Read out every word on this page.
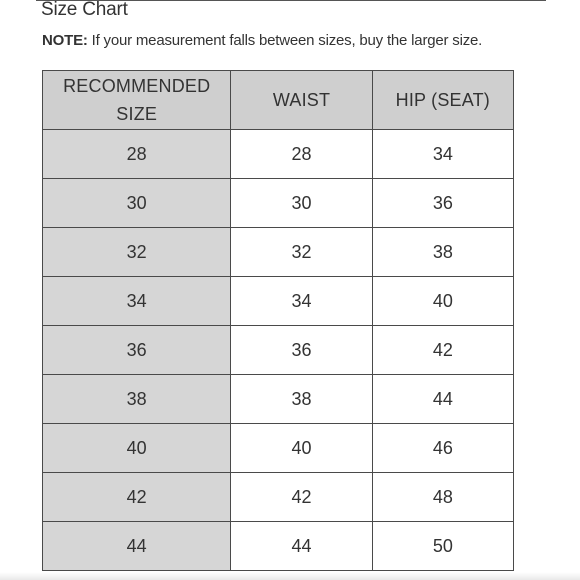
Size Chart
NOTE: If your measurement falls between sizes, buy the larger size.
RECOMMENDED SIZE	WAIST	HIP (SEAT)
28	28	34
30	30	36
32	32	38
34	34	40
36	36	42
38	38	44
40	40	46
42	42	48
44	44	50
